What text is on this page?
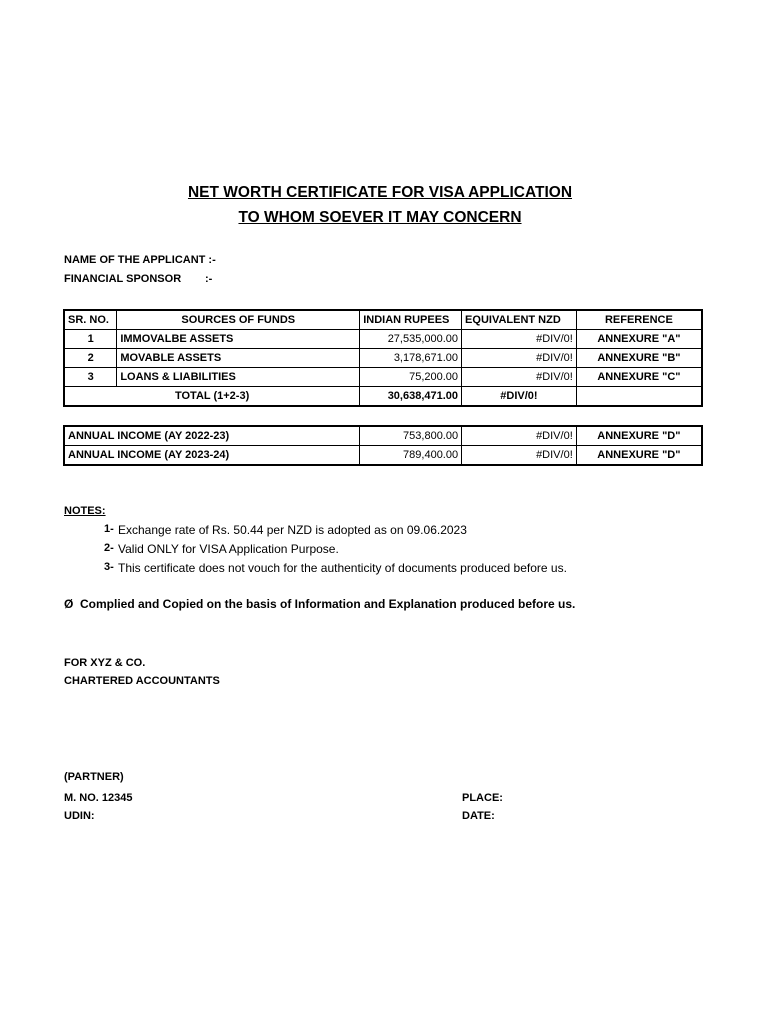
NET WORTH CERTIFICATE FOR VISA APPLICATION
TO WHOM SOEVER IT MAY CONCERN
NAME OF THE APPLICANT :-
FINANCIAL SPONSOR :-
SR. NO.	SOURCES OF FUNDS	INDIAN RUPEES	EQUIVALENT NZD	REFERENCE
1	IMMOVALBE ASSETS	27,535,000.00	#DIV/0!	ANNEXURE "A"
2	MOVABLE ASSETS	3,178,671.00	#DIV/0!	ANNEXURE "B"
3	LOANS & LIABILITIES	75,200.00	#DIV/0!	ANNEXURE "C"
TOTAL (1+2-3)		30,638,471.00	#DIV/0!	
ANNUAL INCOME (AY 2022-23)	753,800.00	#DIV/0!	ANNEXURE "D"
ANNUAL INCOME (AY 2023-24)	789,400.00	#DIV/0!	ANNEXURE "D"
NOTES:
1- Exchange rate of Rs. 50.44 per NZD is adopted as on 09.06.2023
2- Valid ONLY for VISA Application Purpose.
3- This certificate does not vouch for the authenticity of documents produced before us.
Ø Complied and Copied on the basis of Information and Explanation produced before us.
FOR XYZ & CO.
CHARTERED ACCOUNTANTS
(PARTNER)
M. NO. 12345
UDIN:
PLACE:
DATE:
